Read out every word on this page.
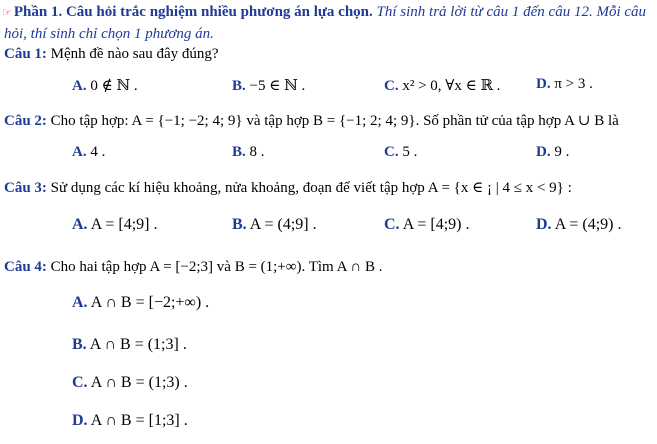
☞ Phần 1. Câu hỏi trắc nghiệm nhiều phương án lựa chọn. Thí sinh trả lời từ câu 1 đến câu 12. Mỗi câu
hỏi, thí sinh chỉ chọn 1 phương án.
Câu 1: Mệnh đề nào sau đây đúng?
A. 0 ∉ ℕ .	B. −5 ∈ ℕ .	C. x² > 0, ∀x ∈ ℝ . D. π > 3 .
Câu 2: Cho tập hợp: A = {−1; −2; 4; 9} và tập hợp B = {−1; 2; 4; 9}. Số phần tử của tập hợp A ∪ B là
A. 4 .	B. 8 .	C. 5 .	D. 9 .
Câu 3: Sử dụng các kí hiệu khoảng, nửa khoảng, đoạn để viết tập hợp A = {x ∈ ¡ | 4 ≤ x < 9} :
A. A = [4;9] .	B. A = (4;9] .	C. A = [4;9) .	D. A = (4;9) .
Câu 4: Cho hai tập hợp A = [−2;3] và B = (1;+∞). Tìm A ∩ B .
A. A ∩ B = [−2;+∞) .
B. A ∩ B = (1;3] .
C. A ∩ B = (1;3) .
D. A ∩ B = [1;3] .
